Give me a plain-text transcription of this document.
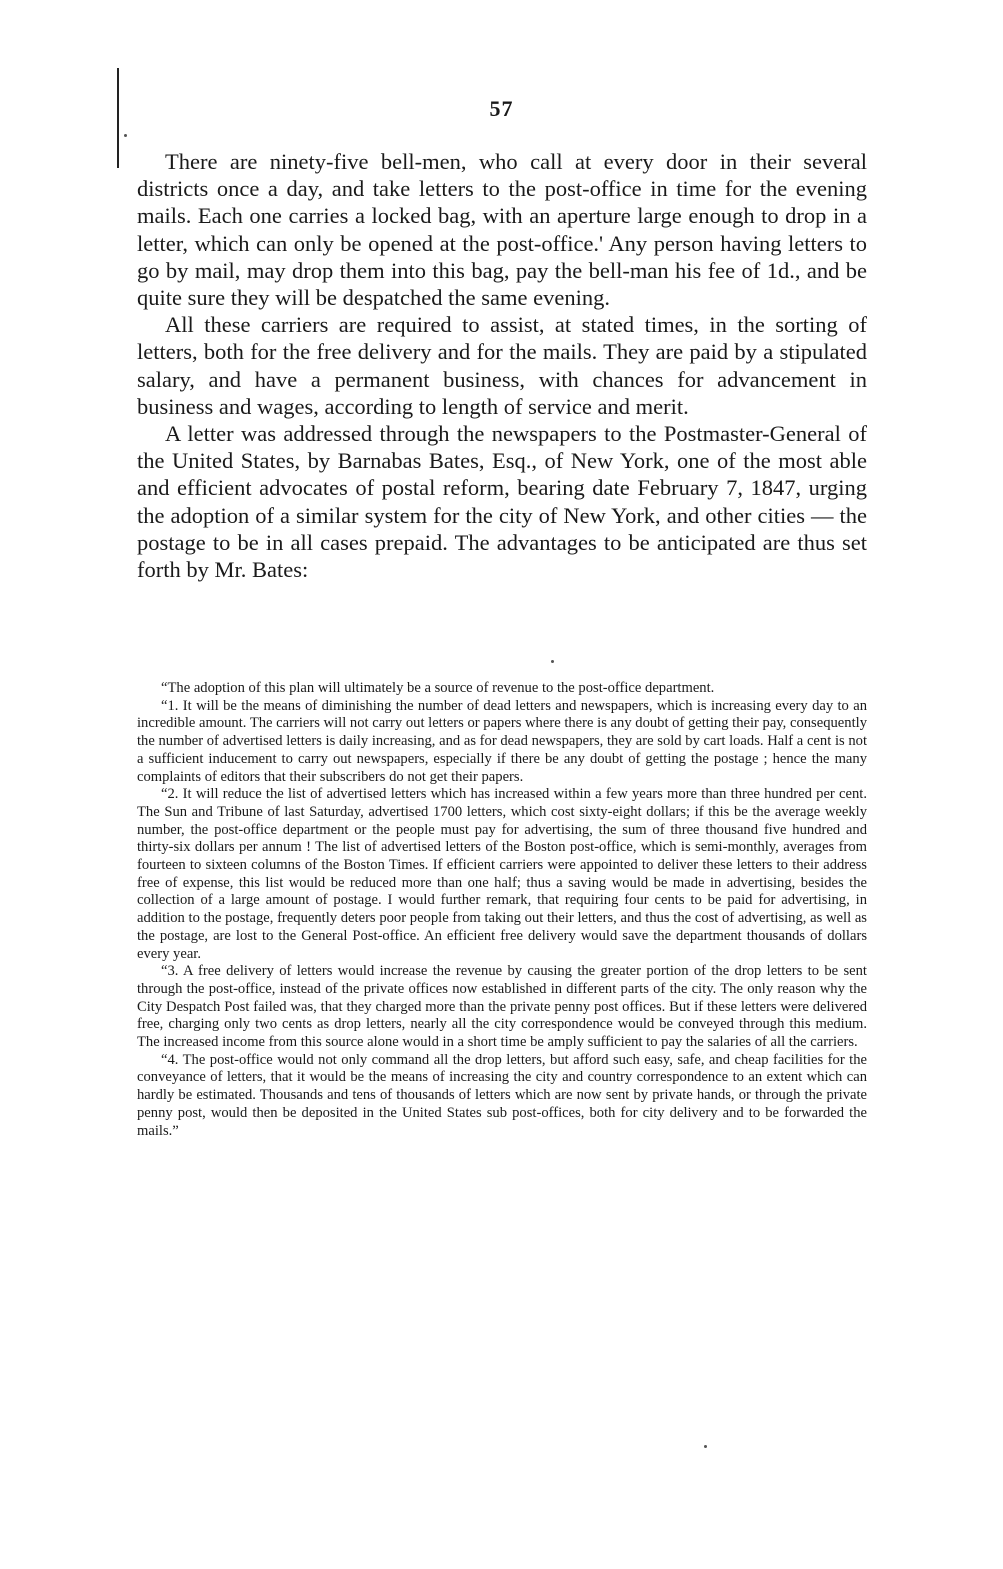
57

There are ninety-five bell-men, who call at every door in their several districts once a day, and take letters to the post-office in time for the evening mails. Each one carries a locked bag, with an aperture large enough to drop in a letter, which can only be opened at the post-office.' Any person having letters to go by mail, may drop them into this bag, pay the bell-man his fee of 1d., and be quite sure they will be despatched the same evening.

All these carriers are required to assist, at stated times, in the sorting of letters, both for the free delivery and for the mails. They are paid by a stipulated salary, and have a permanent business, with chances for advancement in business and wages, according to length of service and merit.

A letter was addressed through the newspapers to the Postmaster-General of the United States, by Barnabas Bates, Esq., of New York, one of the most able and efficient advocates of postal reform, bearing date February 7, 1847, urging the adoption of a similar system for the city of New York, and other cities — the postage to be in all cases prepaid. The advantages to be anticipated are thus set forth by Mr. Bates:

“The adoption of this plan will ultimately be a source of revenue to the post-office department.

“1. It will be the means of diminishing the number of dead letters and newspapers, which is increasing every day to an incredible amount. The carriers will not carry out letters or papers where there is any doubt of getting their pay, consequently the number of advertised letters is daily increasing, and as for dead newspapers, they are sold by cart loads. Half a cent is not a sufficient inducement to carry out newspapers, especially if there be any doubt of getting the postage ; hence the many complaints of editors that their subscribers do not get their papers.

“2. It will reduce the list of advertised letters which has increased within a few years more than three hundred per cent. The Sun and Tribune of last Saturday, advertised 1700 letters, which cost sixty-eight dollars; if this be the average weekly number, the post-office department or the people must pay for advertising, the sum of three thousand five hundred and thirty-six dollars per annum ! The list of advertised letters of the Boston post-office, which is semi-monthly, averages from fourteen to sixteen columns of the Boston Times. If efficient carriers were appointed to deliver these letters to their address free of expense, this list would be reduced more than one half; thus a saving would be made in advertising, besides the collection of a large amount of postage. I would further remark, that requiring four cents to be paid for advertising, in addition to the postage, frequently deters poor people from taking out their letters, and thus the cost of advertising, as well as the postage, are lost to the General Post-office. An efficient free delivery would save the department thousands of dollars every year.

“3. A free delivery of letters would increase the revenue by causing the greater portion of the drop letters to be sent through the post-office, instead of the private offices now established in different parts of the city. The only reason why the City Despatch Post failed was, that they charged more than the private penny post offices. But if these letters were delivered free, charging only two cents as drop letters, nearly all the city correspondence would be conveyed through this medium. The increased income from this source alone would in a short time be amply sufficient to pay the salaries of all the carriers.

“4. The post-office would not only command all the drop letters, but afford such easy, safe, and cheap facilities for the conveyance of letters, that it would be the means of increasing the city and country correspondence to an extent which can hardly be estimated. Thousands and tens of thousands of letters which are now sent by private hands, or through the private penny post, would then be deposited in the United States sub post-offices, both for city delivery and to be forwarded the mails.”
